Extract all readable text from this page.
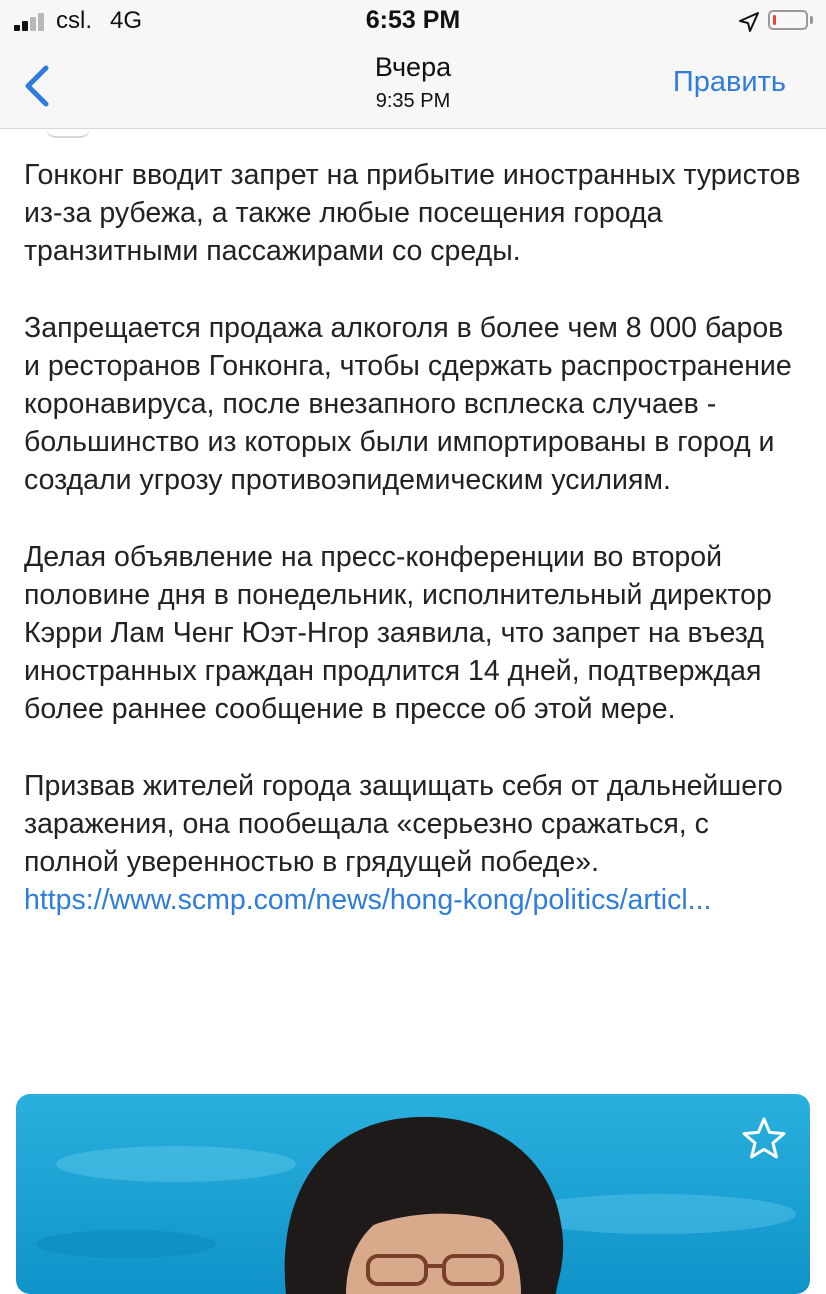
csl. 4G	6:53 PM
Вчера
9:35 PM
Править

Гонконг вводит запрет на прибытие иностранных туристов из-за рубежа, а также любые посещения города транзитными пассажирами со среды.

Запрещается продажа алкоголя в более чем 8 000 баров и ресторанов Гонконга, чтобы сдержать распространение коронавируса, после внезапного всплеска случаев - большинство из которых были импортированы в город и создали угрозу противоэпидемическим усилиям.

Делая объявление на пресс-конференции во второй половине дня в понедельник, исполнительный директор Кэрри Лам Ченг Юэт-Нгор заявила, что запрет на въезд иностранных граждан продлится 14 дней, подтверждая более раннее сообщение в прессе об этой мере.

Призвав жителей города защищать себя от дальнейшего заражения, она пообещала «серьезно сражаться, с полной уверенностью в грядущей победе».

https://www.scmp.com/news/hong-kong/politics/articl...
